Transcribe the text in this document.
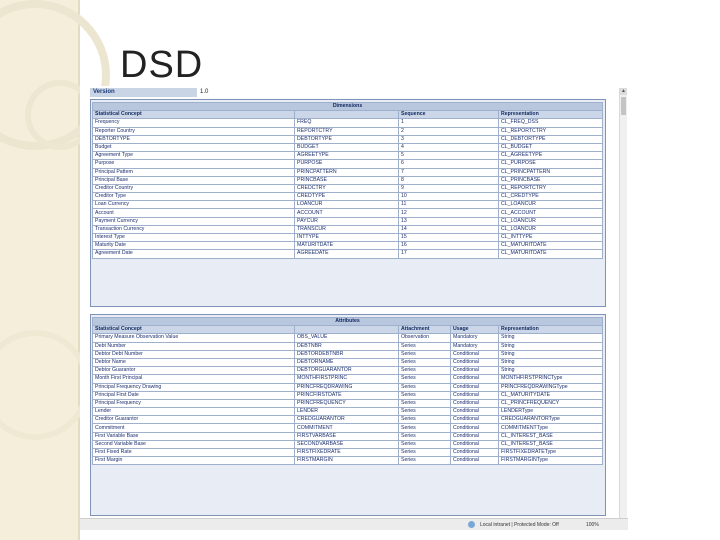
DSD
Version	1.0
Dimensions			
Statistical Concept		Sequence	Representation
Frequency	FREQ	1	CL_FREQ_DSS
Reporter Country	REPORTCTRY	2	CL_REPORTCTRY
DEBTORTYPE	DEBTORTYPE	3	CL_DEBTORTYPE
Budget	BUDGET	4	CL_BUDGET
Agreement Type	AGREETYPE	5	CL_AGREETYPE
Purpose	PURPOSE	6	CL_PURPOSE
Principal Pattern	PRINCPATTERN	7	CL_PRINCPATTERN
Principal Base	PRINCBASE	8	CL_PRINCBASE
Creditor Country	CREDCTRY	9	CL_REPORTCTRY
Creditor Type	CREDTYPE	10	CL_CREDTYPE
Loan Currency	LOANCUR	11	CL_LOANCUR
Account	ACCOUNT	12	CL_ACCOUNT
Payment Currency	PAYCUR	13	CL_LOANCUR
Transaction Currency	TRANSCUR	14	CL_LOANCUR
Interest Type	INTTYPE	15	CL_INTTYPE
Maturity Date	MATURITDATE	16	CL_MATURITDATE
Agreement Date	AGREEDATE	17	CL_MATURITDATE
Attributes				
Statistical Concept		Attachment	Usage	Representation
Primary Measure Observation Value	OBS_VALUE	Observation	Mandatory	String
Debt Number	DEBTNBR	Series	Mandatory	String
Debtor Debt Number	DEBTORDEBTNBR	Series	Conditional	String
Debtor Name	DEBTORNAME	Series	Conditional	String
Debtor Guarantor	DEBTORGUARANTOR	Series	Conditional	String
Month First Principal	MONTHFIRSTPRINC	Series	Conditional	MONTHFIRSTPRINCType
Principal Frequency Drawing	PRINCFREQDRAWING	Series	Conditional	PRINCFREQDRAWINGType
Principal First Date	PRINCFIRSTDATE	Series	Conditional	CL_MATURITYDATE
Principal Frequency	PRINCFREQUENCY	Series	Conditional	CL_PRINCFREQUENCY
Lender	LENDER	Series	Conditional	LENDERType
Creditor Guarantor	CREDGUARANTOR	Series	Conditional	CREDGUARANTORType
Commitment	COMMITMENT	Series	Conditional	COMMITMENTType
First Variable Base	FIRSTVARBASE	Series	Conditional	CL_INTEREST_BASE
Second Variable Base	SECONDVARBASE	Series	Conditional	CL_INTEREST_BASE
First Fixed Rate	FIRSTFIXEDRATE	Series	Conditional	FIRSTFIXEDRATEType
First Margin	FIRSTMARGIN	Series	Conditional	FIRSTMARGINType
▲
Local intranet | Protected Mode: Off	100%
